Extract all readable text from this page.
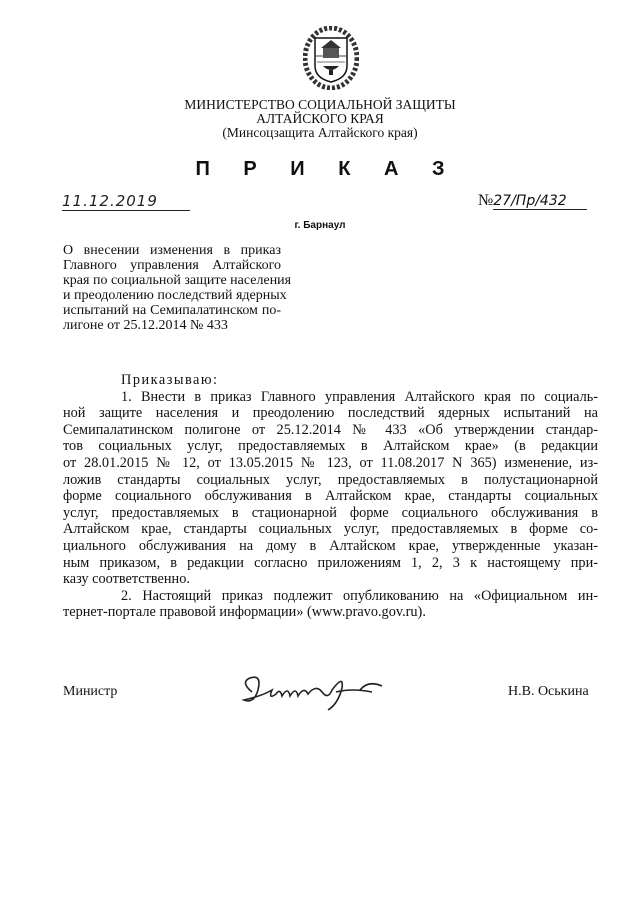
МИНИСТЕРСТВО СОЦИАЛЬНОЙ ЗАЩИТЫ
АЛТАЙСКОГО КРАЯ
(Минсоцзащита Алтайского края)
П Р И К А З
11.12.2019	№27/Пр/432
г. Барнаул
О внесении изменения в приказ
Главного управления Алтайского
края по социальной защите населения
и преодолению последствий ядерных
испытаний на Семипалатинском по-
лигоне от 25.12.2014 № 433
Приказываю:
1. Внести в приказ Главного управления Алтайского края по социаль-
ной защите населения и преодолению последствий ядерных испытаний на
Семипалатинском полигоне от 25.12.2014 № 433 «Об утверждении стандар-
тов социальных услуг, предоставляемых в Алтайском крае» (в редакции
от 28.01.2015 № 12, от 13.05.2015 № 123, от 11.08.2017 N 365) изменение, из-
ложив стандарты социальных услуг, предоставляемых в полустационарной
форме социального обслуживания в Алтайском крае, стандарты социальных
услуг, предоставляемых в стационарной форме социального обслуживания в
Алтайском крае, стандарты социальных услуг, предоставляемых в форме со-
циального обслуживания на дому в Алтайском крае, утвержденные указан-
ным приказом, в редакции согласно приложениям 1, 2, 3 к настоящему при-
казу соответственно.
2. Настоящий приказ подлежит опубликованию на «Официальном ин-
тернет-портале правовой информации» (www.pravo.gov.ru).
Министр	Н.В. Оськина
